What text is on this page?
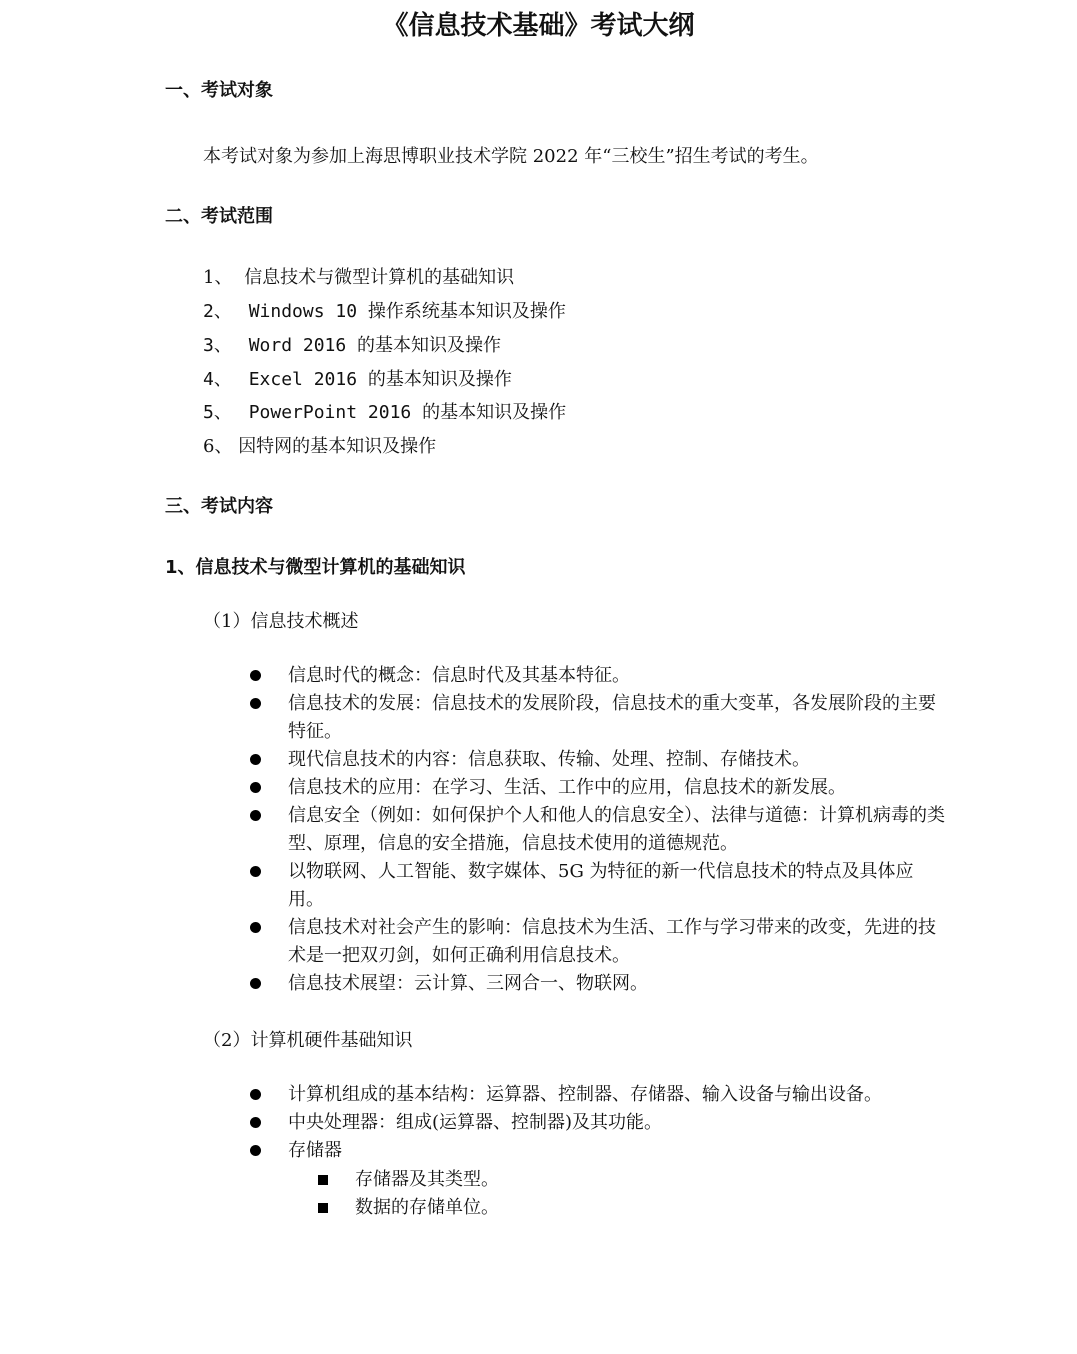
《信息技术基础》考试大纲
一、考试对象
本考试对象为参加上海思博职业技术学院 2022 年“三校生”招生考试的考生。
二、考试范围
1、 信息技术与微型计算机的基础知识
2、 Windows 10 操作系统基本知识及操作
3、 Word 2016 的基本知识及操作
4、 Excel 2016 的基本知识及操作
5、 PowerPoint 2016 的基本知识及操作
6、 因特网的基本知识及操作
三、考试内容
1、信息技术与微型计算机的基础知识
（1）信息技术概述
信息时代的概念：信息时代及其基本特征。
信息技术的发展：信息技术的发展阶段，信息技术的重大变革，各发展阶段的主要特征。
现代信息技术的内容：信息获取、传输、处理、控制、存储技术。
信息技术的应用：在学习、生活、工作中的应用，信息技术的新发展。
信息安全（例如：如何保护个人和他人的信息安全）、法律与道德：计算机病毒的类型、原理，信息的安全措施，信息技术使用的道德规范。
以物联网、人工智能、数字媒体、5G 为特征的新一代信息技术的特点及具体应用。
信息技术对社会产生的影响：信息技术为生活、工作与学习带来的改变，先进的技术是一把双刃剑，如何正确利用信息技术。
信息技术展望：云计算、三网合一、物联网。
（2）计算机硬件基础知识
计算机组成的基本结构：运算器、控制器、存储器、输入设备与输出设备。
中央处理器：组成(运算器、控制器)及其功能。
存储器
存储器及其类型。
数据的存储单位。
